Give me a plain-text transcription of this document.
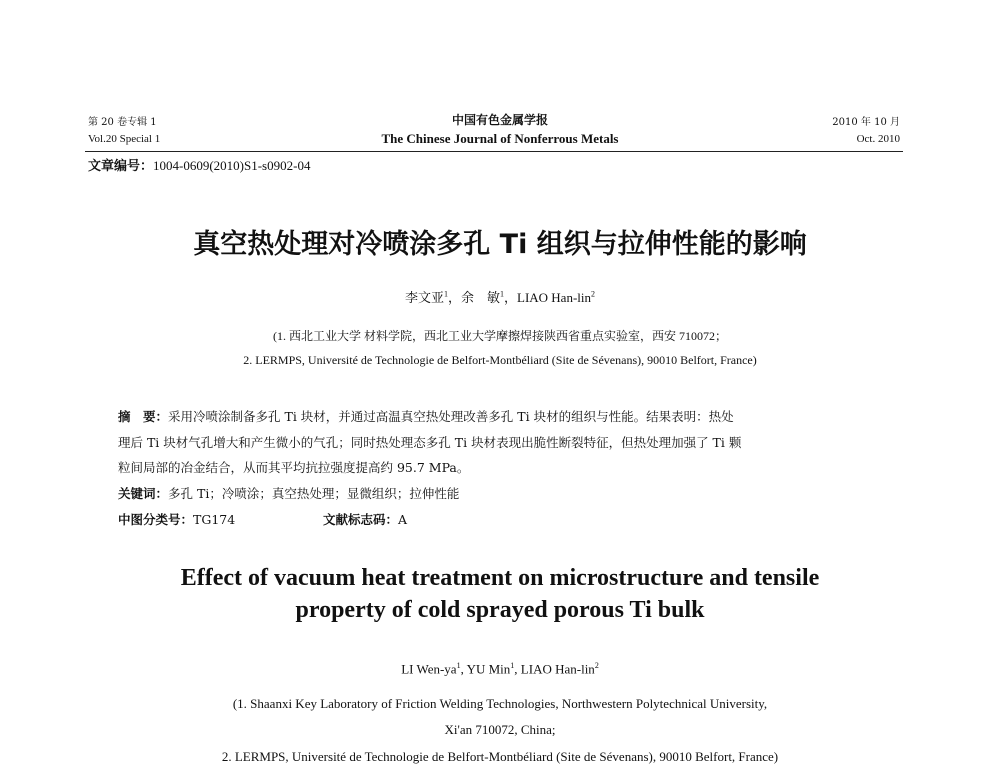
第 20 卷专辑 1
Vol.20 Special 1
中国有色金属学报
The Chinese Journal of Nonferrous Metals
2010 年 10 月
Oct. 2010
文章编号：1004-0609(2010)S1-s0902-04
真空热处理对冷喷涂多孔 Ti 组织与拉伸性能的影响
李文亚$^1$，余　敏$^1$，LIAO Han-lin$^2$
(1. 西北工业大学 材料学院，西北工业大学摩擦焊接陕西省重点实验室，西安 710072；
2. LERMPS, Université de Technologie de Belfort-Montbéliard (Site de Sévenans), 90010 Belfort, France)
摘　要：采用冷喷涂制备多孔 Ti 块材，并通过高温真空热处理改善多孔 Ti 块材的组织与性能。结果表明：热处
理后 Ti 块材气孔增大和产生微小的气孔；同时热处理态多孔 Ti 块材表现出脆性断裂特征，但热处理加强了 Ti 颗
粒间局部的冶金结合，从而其平均抗拉强度提高约 95.7 MPa。
关键词：多孔 Ti；冷喷涂；真空热处理；显微组织；拉伸性能
中图分类号：TG174	文献标志码：A
Effect of vacuum heat treatment on microstructure and tensile
property of cold sprayed porous Ti bulk
LI Wen-$ya^1$, YU Min$^1$, LIAO Han-lin$^2$
(1. Shaanxi Key Laboratory of Friction Welding Technologies, Northwestern Polytechnical University,
Xi'an 710072, China;
2. LERMPS, Université de Technologie de Belfort-Montbéliard (Site de Sévenans), 90010 Belfort, France)
